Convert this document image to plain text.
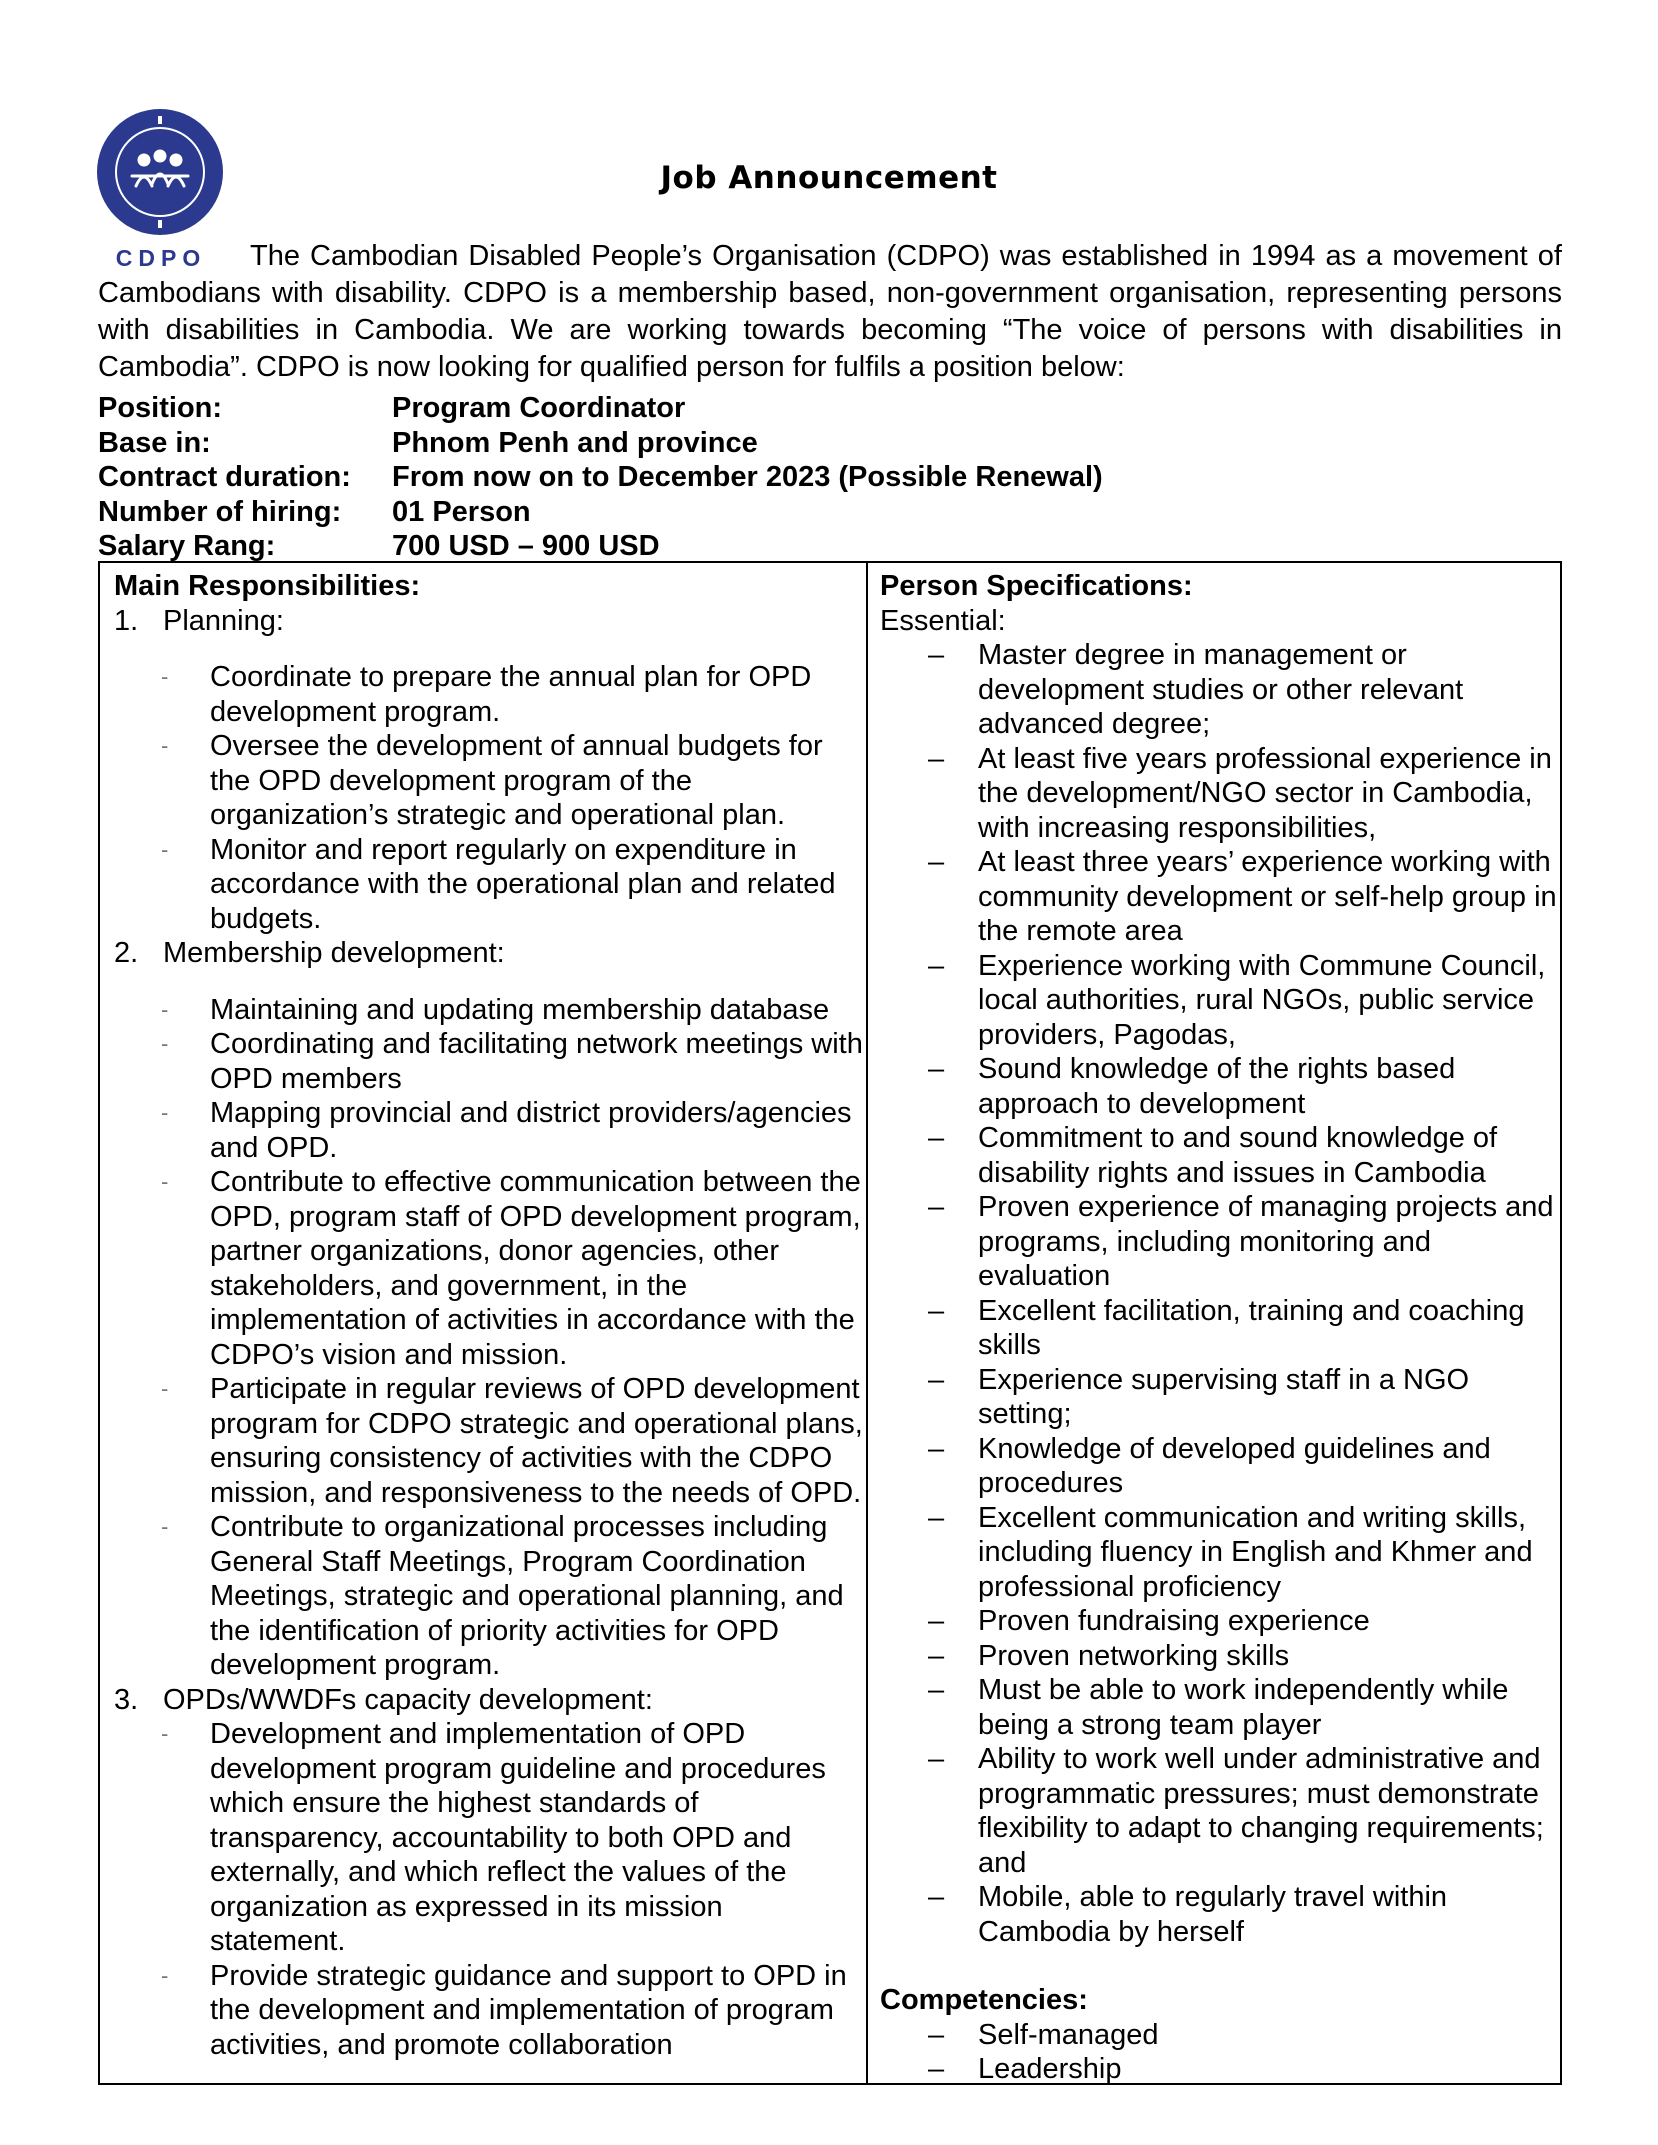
CDPO
Job Announcement
The Cambodian Disabled People’s Organisation (CDPO) was established in 1994 as a movement of Cambodians with disability. CDPO is a membership based, non-government organisation, representing persons with disabilities in Cambodia. We are working towards becoming “The voice of persons with disabilities in Cambodia”. CDPO is now looking for qualified person for fulfils a position below:
Position:	Program Coordinator
Base in:	Phnom Penh and province
Contract duration:	From now on to December 2023 (Possible Renewal)
Number of hiring:	01 Person
Salary Rang:	700 USD – 900 USD
Main Responsibilities:
1. Planning:
- Coordinate to prepare the annual plan for OPD development program.
- Oversee the development of annual budgets for the OPD development program of the organization’s strategic and operational plan.
- Monitor and report regularly on expenditure in accordance with the operational plan and related budgets.
2. Membership development:
- Maintaining and updating membership database
- Coordinating and facilitating network meetings with OPD members
- Mapping provincial and district providers/agencies and OPD.
- Contribute to effective communication between the OPD, program staff of OPD development program, partner organizations, donor agencies, other stakeholders, and government, in the implementation of activities in accordance with the CDPO’s vision and mission.
- Participate in regular reviews of OPD development program for CDPO strategic and operational plans, ensuring consistency of activities with the CDPO mission, and responsiveness to the needs of OPD.
- Contribute to organizational processes including General Staff Meetings, Program Coordination Meetings, strategic and operational planning, and the identification of priority activities for OPD development program.
3. OPDs/WWDFs capacity development:
- Development and implementation of OPD development program guideline and procedures which ensure the highest standards of transparency, accountability to both OPD and externally, and which reflect the values of the organization as expressed in its mission statement.
- Provide strategic guidance and support to OPD in the development and implementation of program activities, and promote collaboration
Person Specifications:
Essential:
– Master degree in management or development studies or other relevant advanced degree;
– At least five years professional experience in the development/NGO sector in Cambodia, with increasing responsibilities,
– At least three years’ experience working with community development or self-help group in the remote area
– Experience working with Commune Council, local authorities, rural NGOs, public service providers, Pagodas,
– Sound knowledge of the rights based approach to development
– Commitment to and sound knowledge of disability rights and issues in Cambodia
– Proven experience of managing projects and programs, including monitoring and evaluation
– Excellent facilitation, training and coaching skills
– Experience supervising staff in a NGO setting;
– Knowledge of developed guidelines and procedures
– Excellent communication and writing skills, including fluency in English and Khmer and professional proficiency
– Proven fundraising experience
– Proven networking skills
– Must be able to work independently while being a strong team player
– Ability to work well under administrative and programmatic pressures; must demonstrate flexibility to adapt to changing requirements; and
– Mobile, able to regularly travel within Cambodia by herself
Competencies:
– Self-managed
– Leadership
